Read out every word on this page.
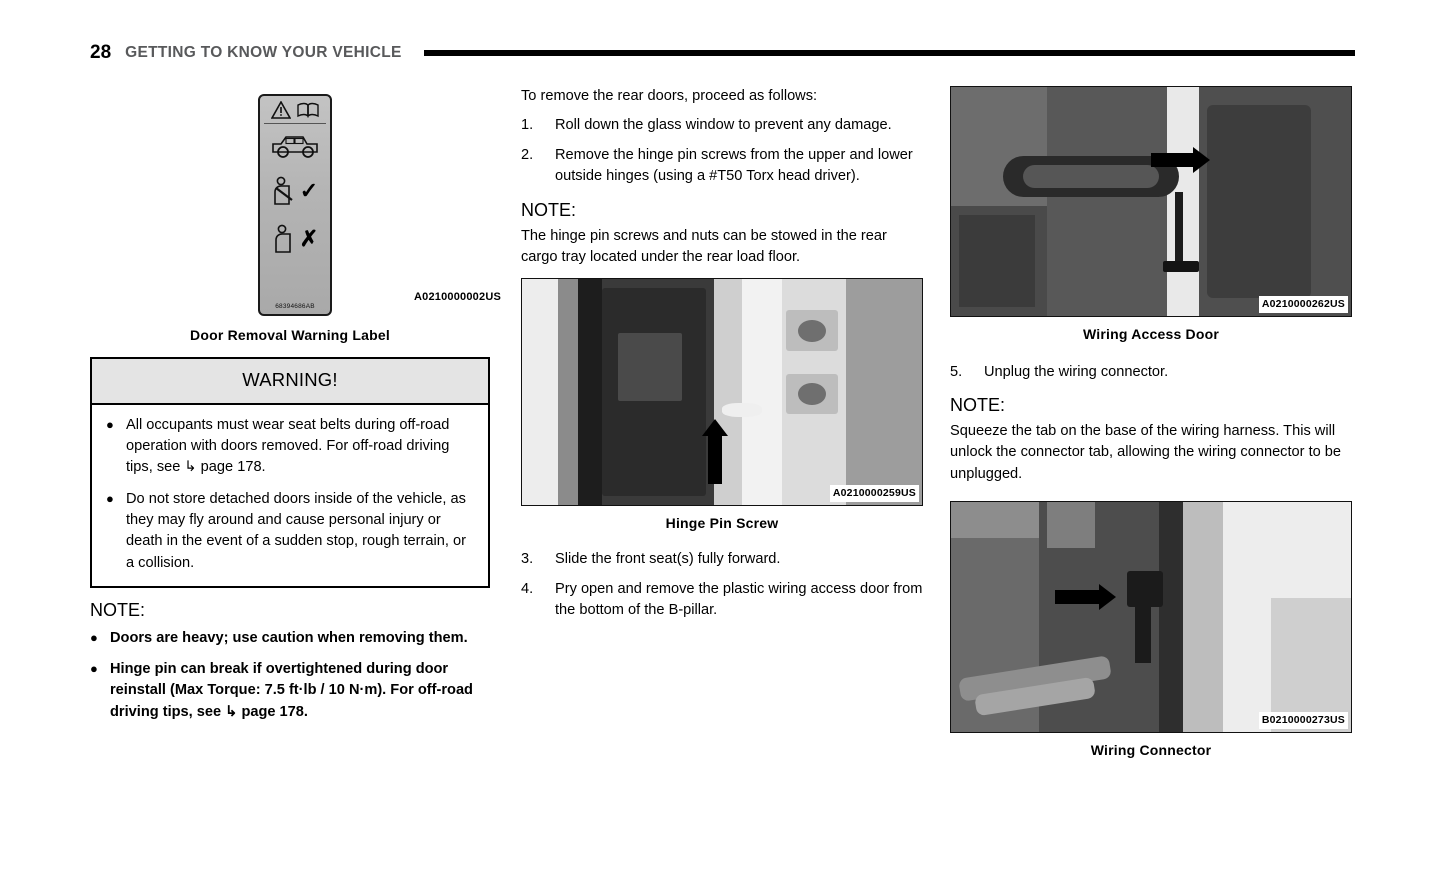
28 GETTING TO KNOW YOUR VEHICLE
✓
✗
68394686AB
A0210000002US
Door Removal Warning Label
WARNING!
● All occupants must wear seat belts during off-road operation with doors removed. For off-road driving tips, see ↳ page 178.
● Do not store detached doors inside of the vehicle, as they may fly around and cause personal injury or death in the event of a sudden stop, rough terrain, or a collision.
NOTE:
● Doors are heavy; use caution when removing them.
● Hinge pin can break if overtightened during door reinstall (Max Torque: 7.5 ft·lb / 10 N·m). For off-road driving tips, see ↳ page 178.

To remove the rear doors, proceed as follows:

1.	Roll down the glass window to prevent any damage.
2.	Remove the hinge pin screws from the upper and lower outside hinges (using a #T50 Torx head driver).
NOTE:
The hinge pin screws and nuts can be stowed in the rear cargo tray located under the rear load floor.
A0210000259US
Hinge Pin Screw
3.	Slide the front seat(s) fully forward.
4.	Pry open and remove the plastic wiring access door from the bottom of the B-pillar.
A0210000262US
Wiring Access Door
5.	Unplug the wiring connector.
NOTE:
Squeeze the tab on the base of the wiring harness. This will unlock the connector tab, allowing the wiring connector to be unplugged.
B0210000273US
Wiring Connector
